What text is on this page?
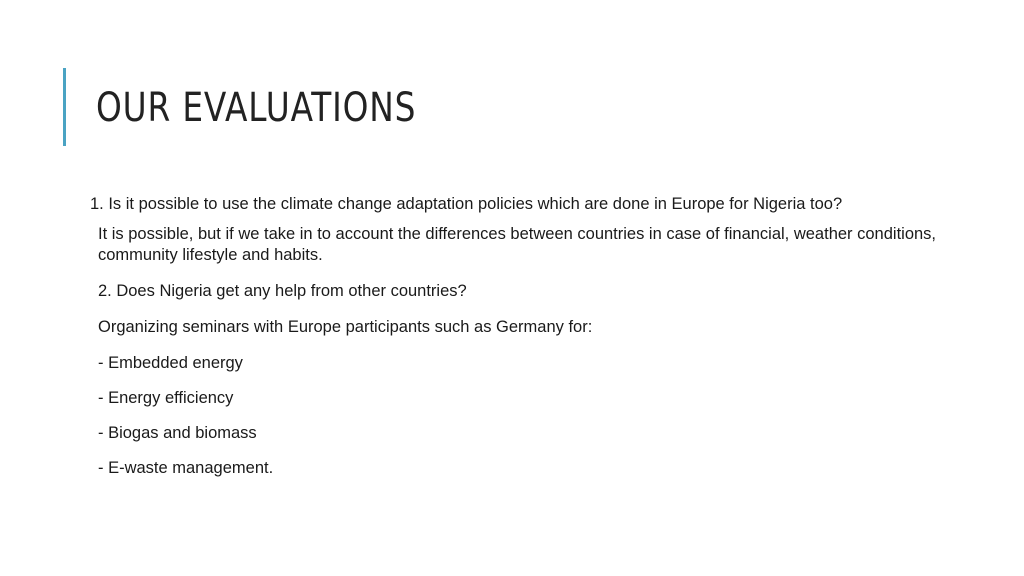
OUR EVALUATIONS

1. Is it possible to use the climate change adaptation policies which are done in Europe for Nigeria too?

It is possible, but if we take in to account the differences between countries in case of financial, weather conditions, community lifestyle and habits.

2. Does Nigeria get any help from other countries?

Organizing seminars with Europe participants such as Germany for:

- Embedded energy

- Energy efficiency

- Biogas and biomass

- E-waste management.
